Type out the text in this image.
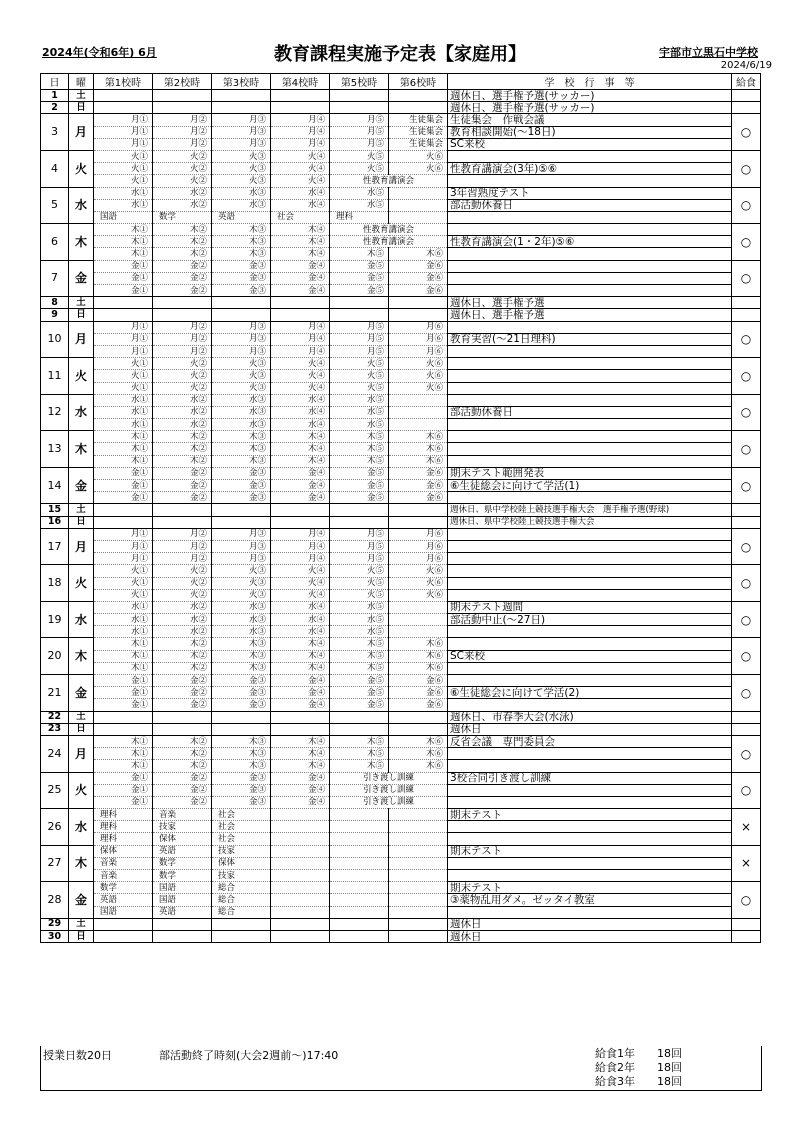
2024年(令和6年) 6月	教育課程実施予定表【家庭用】	宇部市立黒石中学校
2024/6/19
日	曜	第1校時	第2校時	第3校時	第4校時	第5校時	第6校時	学　校　行　事　等	給食
1	土							週休日、選手権予選(サッカー)	
2	日							週休日、選手権予選(サッカー)	
3	月	月①	月②	月③	月④	月⑤	生徒集会	生徒集会　作戦会議	○
		月①	月②	月③	月④	月⑤	生徒集会	教育相談開始(～18日)	
		月①	月②	月③	月④	月⑤	生徒集会	SC来校	
4	火	火①	火②	火③	火④	火⑤	火⑥		○
		火①	火②	火③	火④	火⑤	火⑥	性教育講演会(3年)⑤⑥	
		火①	火②	火③	火④	性教育講演会			
5	水	水①	水②	水③	水④	水⑤		3年習熟度テスト	○
		水①	水②	水③	水④	水⑤		部活動休養日	
		国語	数学	英語	社会	理科			
6	木	木①	木②	木③	木④	性教育講演会			○
		木①	木②	木③	木④	性教育講演会		性教育講演会(1・2年)⑤⑥	
		木①	木②	木③	木④	木⑤	木⑥		
7	金	金①	金②	金③	金④	金⑤	金⑥		○
		金①	金②	金③	金④	金⑤	金⑥		
		金①	金②	金③	金④	金⑤	金⑥		
8	土							週休日、選手権予選	
9	日							週休日、選手権予選	
10	月	月①	月②	月③	月④	月⑤	月⑥		○
		月①	月②	月③	月④	月⑤	月⑥	教育実習(～21日理科)	
		月①	月②	月③	月④	月⑤	月⑥		
11	火	火①	火②	火③	火④	火⑤	火⑥		○
		火①	火②	火③	火④	火⑤	火⑥		
		火①	火②	火③	火④	火⑤	火⑥		
12	水	水①	水②	水③	水④	水⑤			○
		水①	水②	水③	水④	水⑤		部活動休養日	
		水①	水②	水③	水④	水⑤			
13	木	木①	木②	木③	木④	木⑤	木⑥		○
		木①	木②	木③	木④	木⑤	木⑥		
		木①	木②	木③	木④	木⑤	木⑥		
14	金	金①	金②	金③	金④	金⑤	金⑥	期末テスト範囲発表	○
		金①	金②	金③	金④	金⑤	金⑥	⑥生徒総会に向けて学活(1)	
		金①	金②	金③	金④	金⑤	金⑥		
15	土							週休日、県中学校陸上競技選手権大会　選手権予選(野球)	
16	日							週休日、県中学校陸上競技選手権大会	
17	月	月①	月②	月③	月④	月⑤	月⑥		○
		月①	月②	月③	月④	月⑤	月⑥		
		月①	月②	月③	月④	月⑤	月⑥		
18	火	火①	火②	火③	火④	火⑤	火⑥		○
		火①	火②	火③	火④	火⑤	火⑥		
		火①	火②	火③	火④	火⑤	火⑥		
19	水	水①	水②	水③	水④	水⑤		期末テスト週間	○
		水①	水②	水③	水④	水⑤		部活動中止(～27日)	
		水①	水②	水③	水④	水⑤			
20	木	木①	木②	木③	木④	木⑤	木⑥		○
		木①	木②	木③	木④	木⑤	木⑥	SC来校	
		木①	木②	木③	木④	木⑤	木⑥		
21	金	金①	金②	金③	金④	金⑤	金⑥		○
		金①	金②	金③	金④	金⑤	金⑥	⑥生徒総会に向けて学活(2)	
		金①	金②	金③	金④	金⑤	金⑥		
22	土							週休日、市春季大会(水泳)	
23	日							週休日	
24	月	木①	木②	木③	木④	木⑤	木⑥	反省会議　専門委員会	○
		木①	木②	木③	木④	木⑤	木⑥		
		木①	木②	木③	木④	木⑤	木⑥		
25	火	金①	金②	金③	金④	引き渡し訓練		3校合同引き渡し訓練	○
		金①	金②	金③	金④	引き渡し訓練			
		金①	金②	金③	金④	引き渡し訓練			
26	水	理科	音楽	社会				期末テスト	×
		理科	技家	社会					
		理科	保体	社会					
27	木	保体	英語	技家				期末テスト	×
		音楽	数学	保体					
		音楽	数学	技家					
28	金	数学	国語	総合				期末テスト	○
		英語	国語	総合				③薬物乱用ダメ。ゼッタイ教室	
		国語	英語	総合					
29	土							週休日	
30	日							週休日	
授業日数20日	部活動終了時刻(大会2週前～)17:40	給食1年　　18回
給食2年　　18回
給食3年　　18回
